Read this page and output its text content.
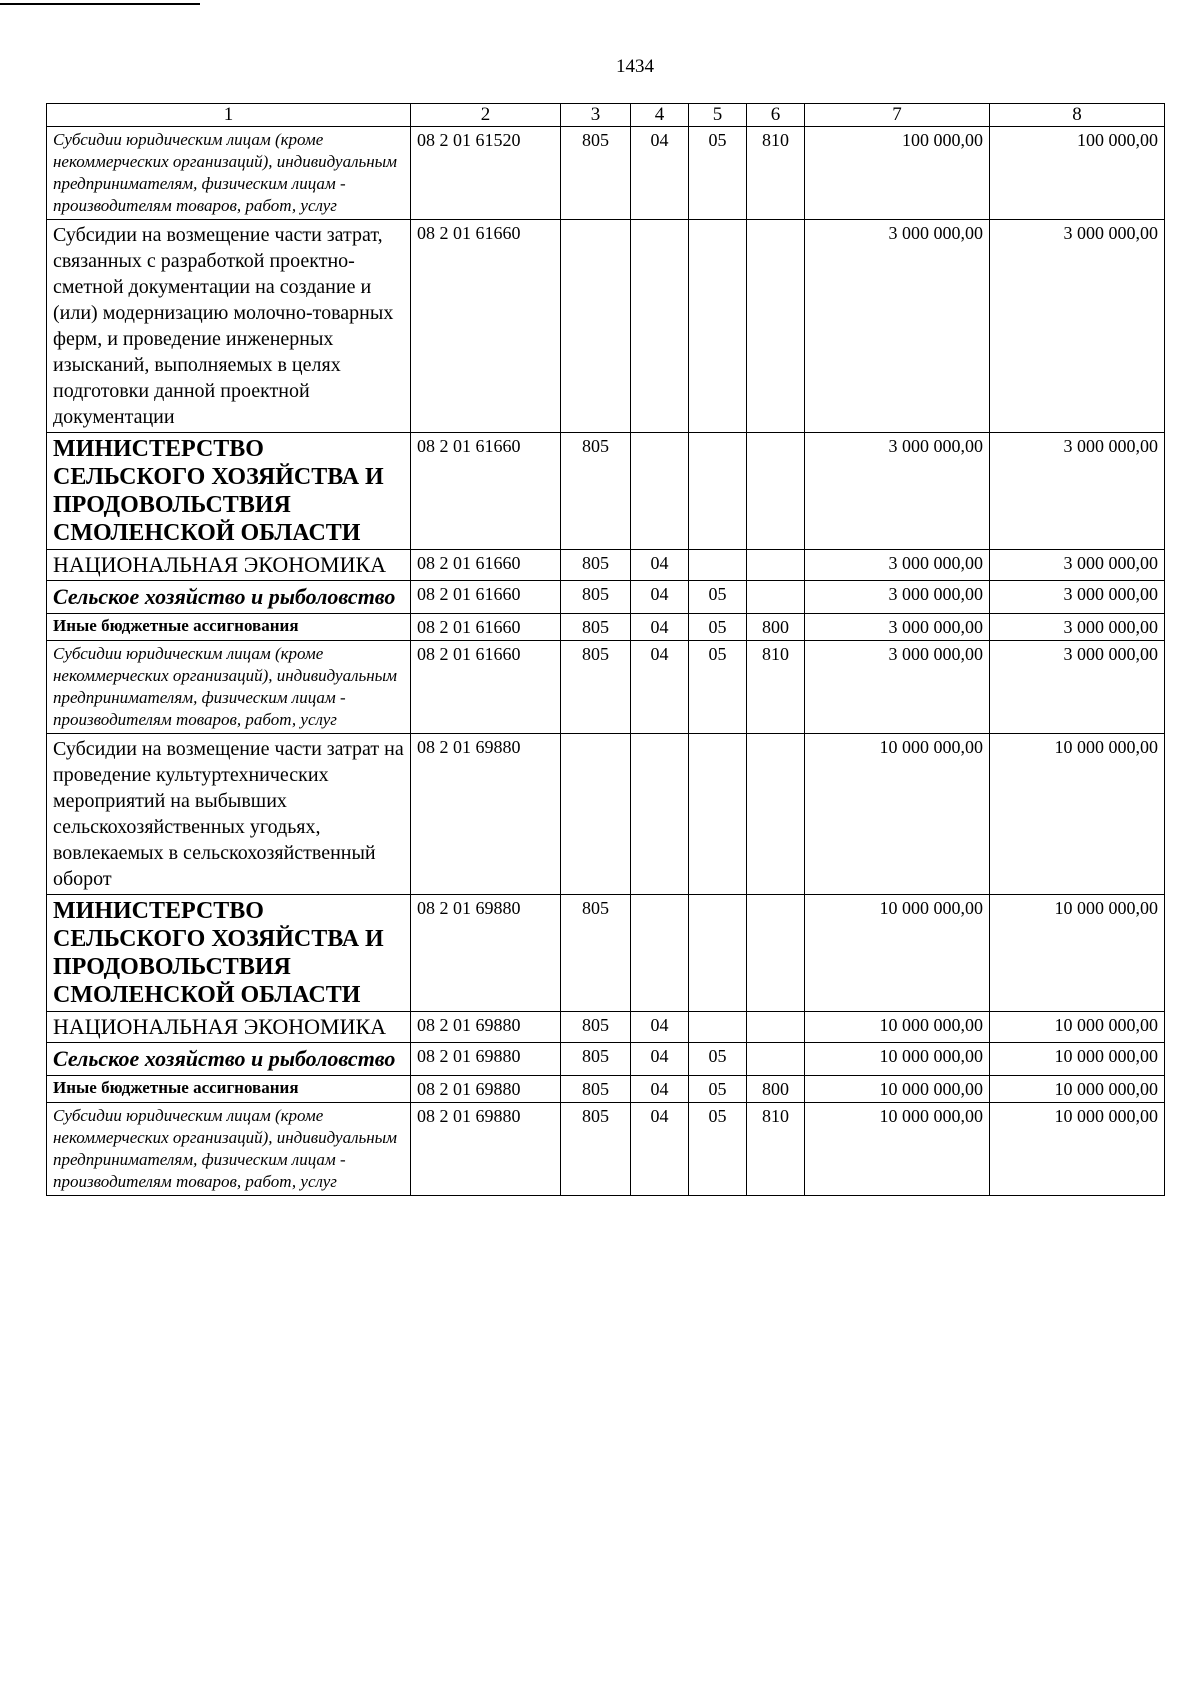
1434
1	2	3	4	5	6	7	8
Субсидии юридическим лицам (кроме некоммерческих организаций), индивидуальным предпринимателям, физическим лицам - производителям товаров, работ, услуг	08 2 01 61520	805	04	05	810	100 000,00	100 000,00
Субсидии на возмещение части затрат, связанных с разработкой проектно-сметной документации на создание и (или) модернизацию молочно-товарных ферм, и проведение инженерных изысканий, выполняемых в целях подготовки данной проектной документации	08 2 01 61660					3 000 000,00	3 000 000,00
МИНИСТЕРСТВО СЕЛЬСКОГО ХОЗЯЙСТВА И ПРОДОВОЛЬСТВИЯ СМОЛЕНСКОЙ ОБЛАСТИ	08 2 01 61660	805				3 000 000,00	3 000 000,00
НАЦИОНАЛЬНАЯ ЭКОНОМИКА	08 2 01 61660	805	04			3 000 000,00	3 000 000,00
Сельское хозяйство и рыболовство	08 2 01 61660	805	04	05		3 000 000,00	3 000 000,00
Иные бюджетные ассигнования	08 2 01 61660	805	04	05	800	3 000 000,00	3 000 000,00
Субсидии юридическим лицам (кроме некоммерческих организаций), индивидуальным предпринимателям, физическим лицам - производителям товаров, работ, услуг	08 2 01 61660	805	04	05	810	3 000 000,00	3 000 000,00
Субсидии на возмещение части затрат на проведение культуртехнических мероприятий на выбывших сельскохозяйственных угодьях, вовлекаемых в сельскохозяйственный оборот	08 2 01 69880					10 000 000,00	10 000 000,00
МИНИСТЕРСТВО СЕЛЬСКОГО ХОЗЯЙСТВА И ПРОДОВОЛЬСТВИЯ СМОЛЕНСКОЙ ОБЛАСТИ	08 2 01 69880	805				10 000 000,00	10 000 000,00
НАЦИОНАЛЬНАЯ ЭКОНОМИКА	08 2 01 69880	805	04			10 000 000,00	10 000 000,00
Сельское хозяйство и рыболовство	08 2 01 69880	805	04	05		10 000 000,00	10 000 000,00
Иные бюджетные ассигнования	08 2 01 69880	805	04	05	800	10 000 000,00	10 000 000,00
Субсидии юридическим лицам (кроме некоммерческих организаций), индивидуальным предпринимателям, физическим лицам - производителям товаров, работ, услуг	08 2 01 69880	805	04	05	810	10 000 000,00	10 000 000,00
